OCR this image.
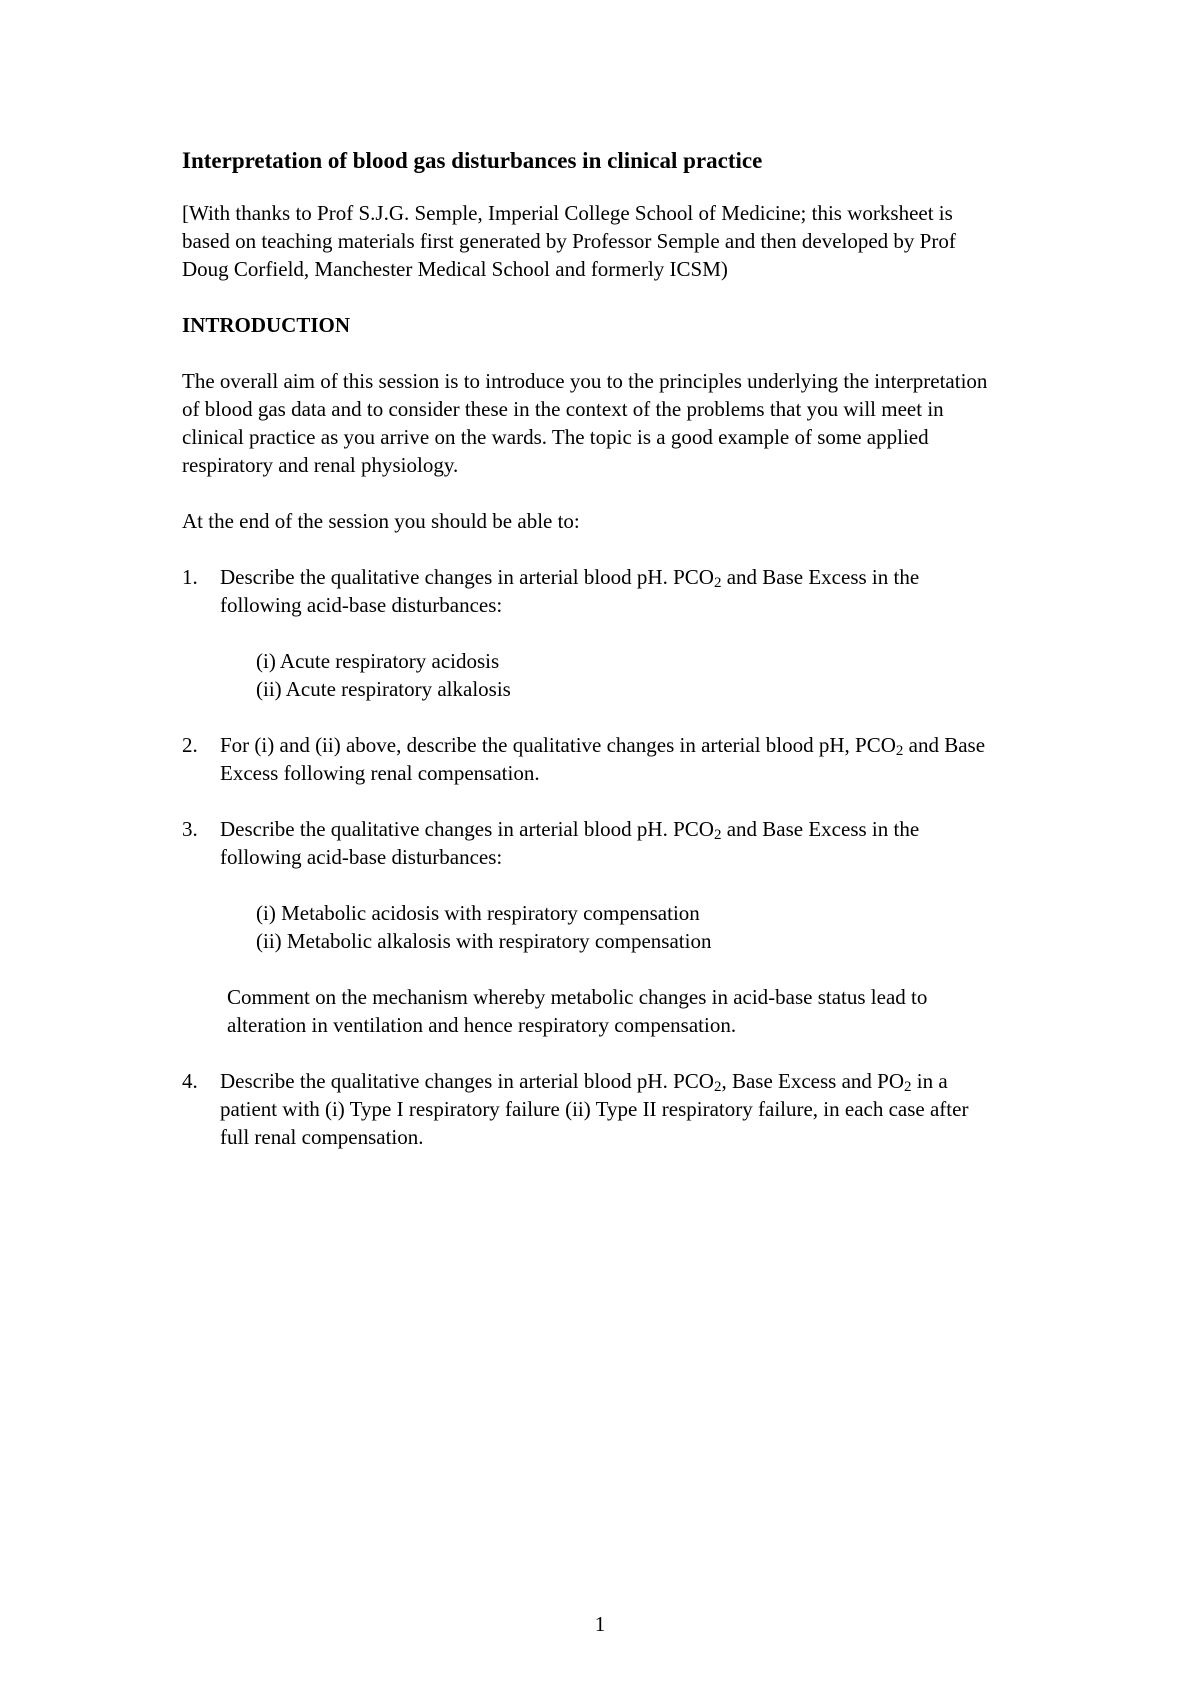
Interpretation of blood gas disturbances in clinical practice

[With thanks to Prof S.J.G. Semple, Imperial College School of Medicine; this worksheet is based on teaching materials first generated by Professor Semple and then developed by Prof Doug Corfield, Manchester Medical School and formerly ICSM)

INTRODUCTION

The overall aim of this session is to introduce you to the principles underlying the interpretation of blood gas data and to consider these in the context of the problems that you will meet in clinical practice as you arrive on the wards. The topic is a good example of some applied respiratory and renal physiology.

At the end of the session you should be able to:

1. Describe the qualitative changes in arterial blood pH. $PCO_2$ and Base Excess in the following acid-base disturbances:
(i) Acute respiratory acidosis
(ii) Acute respiratory alkalosis
2. For (i) and (ii) above, describe the qualitative changes in arterial blood pH, $PCO_2$ and Base Excess following renal compensation.
3. Describe the qualitative changes in arterial blood pH. $PCO_2$ and Base Excess in the following acid-base disturbances:
(i) Metabolic acidosis with respiratory compensation
(ii) Metabolic alkalosis with respiratory compensation
Comment on the mechanism whereby metabolic changes in acid-base status lead to alteration in ventilation and hence respiratory compensation.
4. Describe the qualitative changes in arterial blood pH. $PCO_2$, Base Excess and $PO_2$ in a patient with (i) Type I respiratory failure (ii) Type II respiratory failure, in each case after full renal compensation.
1
